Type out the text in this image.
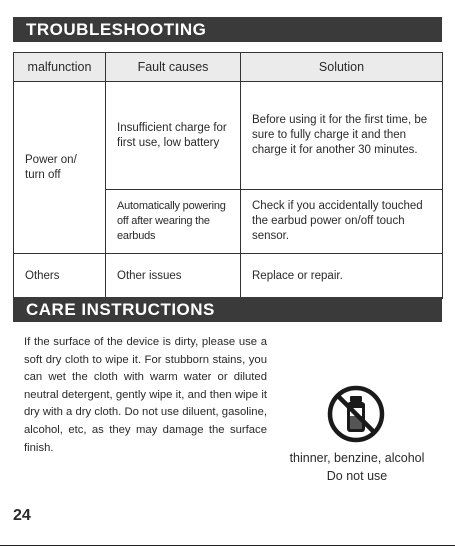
TROUBLESHOOTING
malfunction	Fault causes	Solution
Power on/ turn off	Insufficient charge for first use, low battery	Before using it for the first time, be sure to fully charge it and then charge it for another 30 minutes.
	Automatically powering off after wearing the earbuds	Check if you accidentally touched the earbud power on/off touch sensor.
Others	Other issues	Replace or repair.
CARE INSTRUCTIONS

If the surface of the device is dirty, please use a soft dry cloth to wipe it. For stubborn stains, you can wet the cloth with warm water or diluted neutral detergent, gently wipe it, and then wipe it dry with a dry cloth. Do not use diluent, gasoline, alcohol, etc, as they may damage the surface finish.

thinner, benzine, alcohol
Do not use
24
